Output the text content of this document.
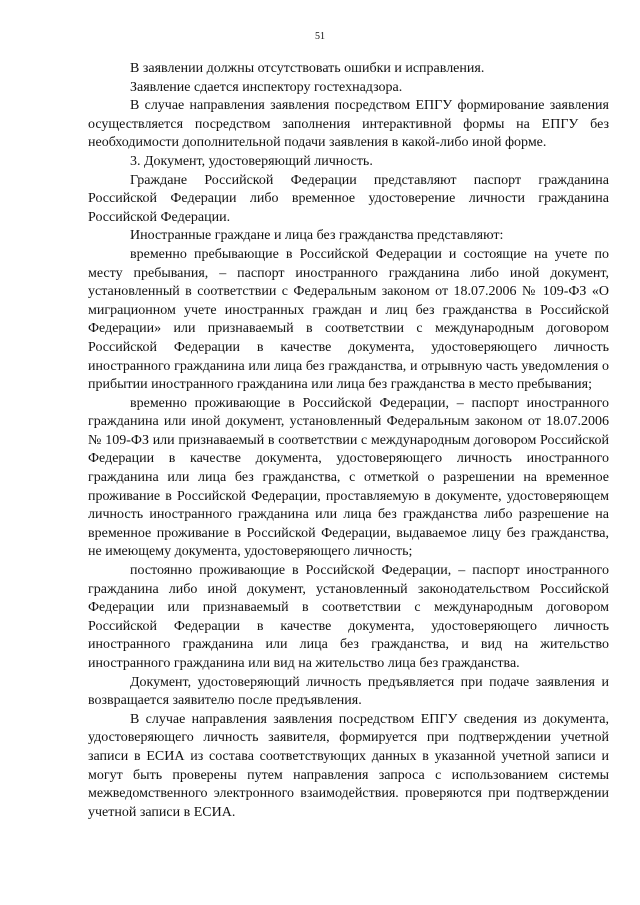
51

В заявлении должны отсутствовать ошибки и исправления.

Заявление сдается инспектору гостехнадзора.

В случае направления заявления посредством ЕПГУ формирование заявления осуществляется посредством заполнения интерактивной формы на ЕПГУ без необходимости дополнительной подачи заявления в какой-либо иной форме.

3. Документ, удостоверяющий личность.

Граждане Российской Федерации представляют паспорт гражданина Российской Федерации либо временное удостоверение личности гражданина Российской Федерации.

Иностранные граждане и лица без гражданства представляют:

временно пребывающие в Российской Федерации и состоящие на учете по месту пребывания, – паспорт иностранного гражданина либо иной документ, установленный в соответствии с Федеральным законом от 18.07.2006 № 109-ФЗ «О миграционном учете иностранных граждан и лиц без гражданства в Российской Федерации» или признаваемый в соответствии с международным договором Российской Федерации в качестве документа, удостоверяющего личность иностранного гражданина или лица без гражданства, и отрывную часть уведомления о прибытии иностранного гражданина или лица без гражданства в место пребывания;

временно проживающие в Российской Федерации, – паспорт иностранного гражданина или иной документ, установленный Федеральным законом от 18.07.2006 № 109-ФЗ или признаваемый в соответствии с международным договором Российской Федерации в качестве документа, удостоверяющего личность иностранного гражданина или лица без гражданства, с отметкой о разрешении на временное проживание в Российской Федерации, проставляемую в документе, удостоверяющем личность иностранного гражданина или лица без гражданства либо разрешение на временное проживание в Российской Федерации, выдаваемое лицу без гражданства, не имеющему документа, удостоверяющего личность;

постоянно проживающие в Российской Федерации, – паспорт иностранного гражданина либо иной документ, установленный законодательством Российской Федерации или признаваемый в соответствии с международным договором Российской Федерации в качестве документа, удостоверяющего личность иностранного гражданина или лица без гражданства, и вид на жительство иностранного гражданина или вид на жительство лица без гражданства.

Документ, удостоверяющий личность предъявляется при подаче заявления и возвращается заявителю после предъявления.

В случае направления заявления посредством ЕПГУ сведения из документа, удостоверяющего личность заявителя, формируется при подтверждении учетной записи в ЕСИА из состава соответствующих данных в указанной учетной записи и могут быть проверены путем направления запроса с использованием системы межведомственного электронного взаимодействия. проверяются при подтверждении учетной записи в ЕСИА.
